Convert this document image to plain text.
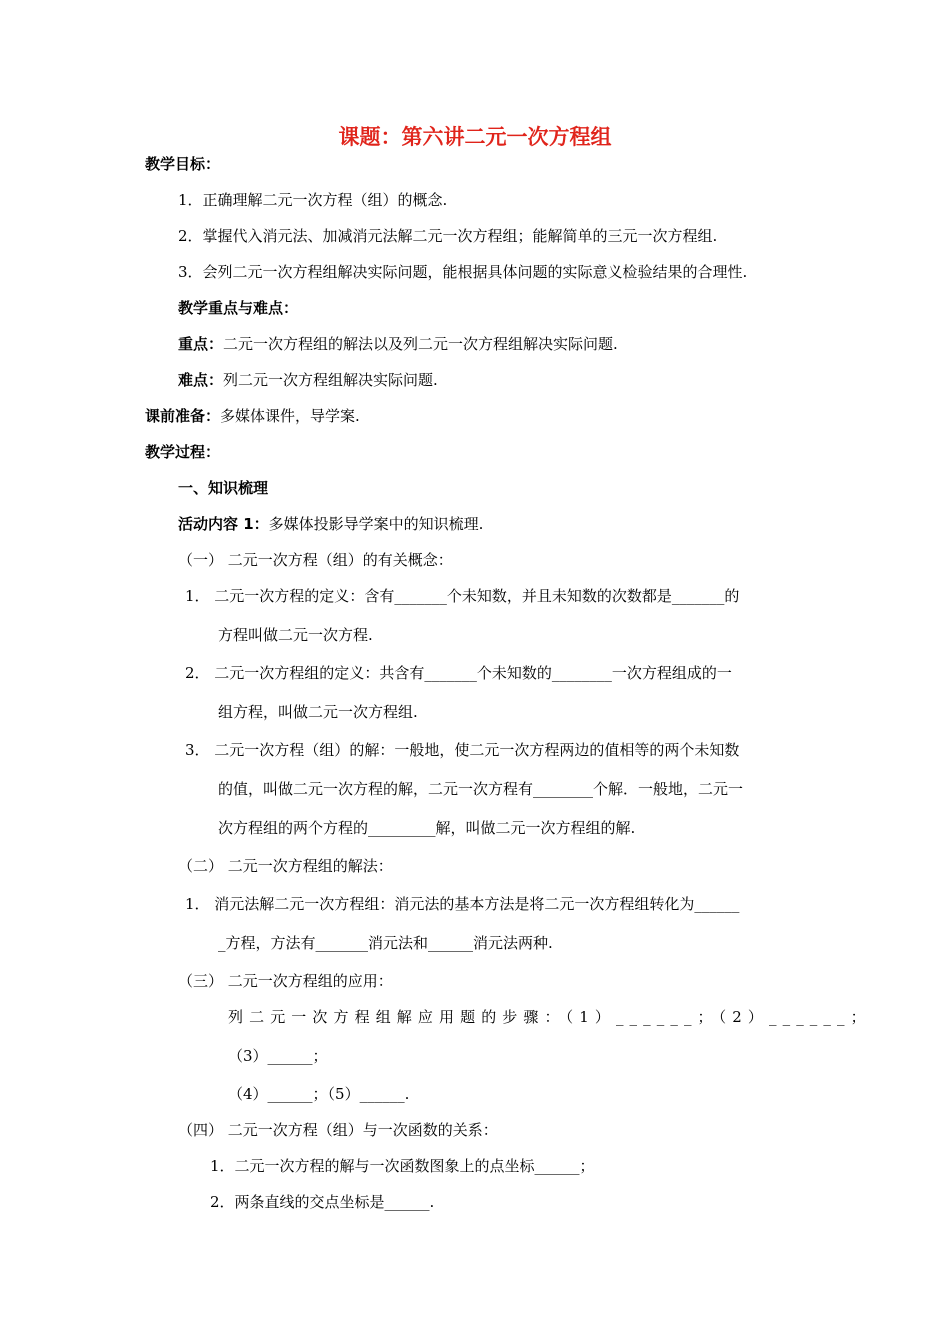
课题：第六讲二元一次方程组
教学目标：
1．正确理解二元一次方程（组）的概念.
2．掌握代入消元法、加减消元法解二元一次方程组；能解简单的三元一次方程组.
3．会列二元一次方程组解决实际问题，能根据具体问题的实际意义检验结果的合理性.
教学重点与难点：
重点：二元一次方程组的解法以及列二元一次方程组解决实际问题.
难点：列二元一次方程组解决实际问题.
课前准备：多媒体课件，导学案.
教学过程：
一、知识梳理
活动内容 1：多媒体投影导学案中的知识梳理.
（一） 二元一次方程（组）的有关概念：
1． 二元一次方程的定义：含有_______个未知数，并且未知数的次数都是_______的
方程叫做二元一次方程.
2． 二元一次方程组的定义：共含有_______个未知数的________一次方程组成的一
组方程，叫做二元一次方程组.
3． 二元一次方程（组）的解：一般地，使二元一次方程两边的值相等的两个未知数
的值，叫做二元一次方程的解，二元一次方程有________个解．一般地，二元一
次方程组的两个方程的_________解，叫做二元一次方程组的解.
（二） 二元一次方程组的解法：
1． 消元法解二元一次方程组：消元法的基本方法是将二元一次方程组转化为______
_方程，方法有_______消元法和______消元法两种.
（三） 二元一次方程组的应用：
列二元一次方程组解应用题的步骤：（1）______；（2）______；
（3）______；
（4）______；（5）______.
（四） 二元一次方程（组）与一次函数的关系：
1．二元一次方程的解与一次函数图象上的点坐标______；
2．两条直线的交点坐标是______.
